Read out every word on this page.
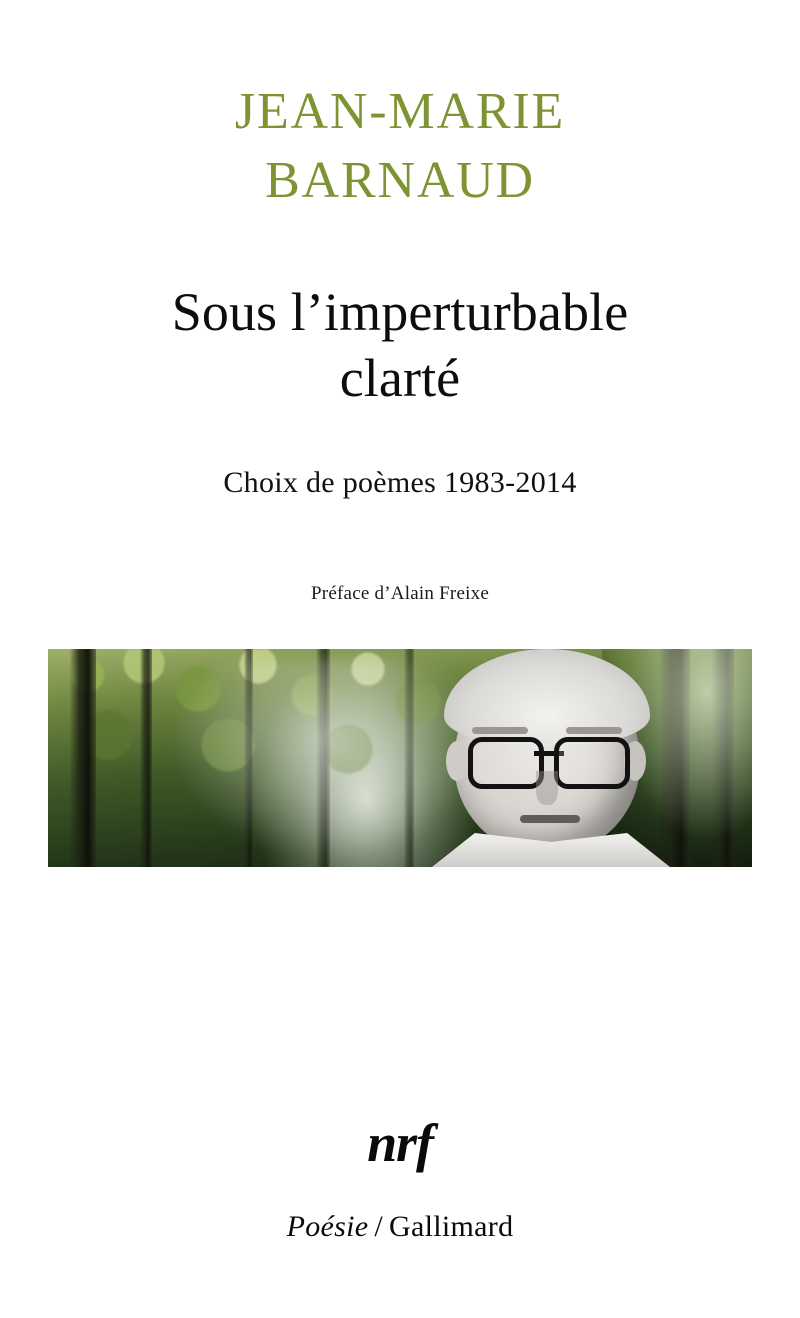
JEAN-MARIE
BARNAUD
Sous l’imperturbable
clarté
Choix de poèmes 1983-2014
Préface d’Alain Freixe
nrf
Poésie / Gallimard
